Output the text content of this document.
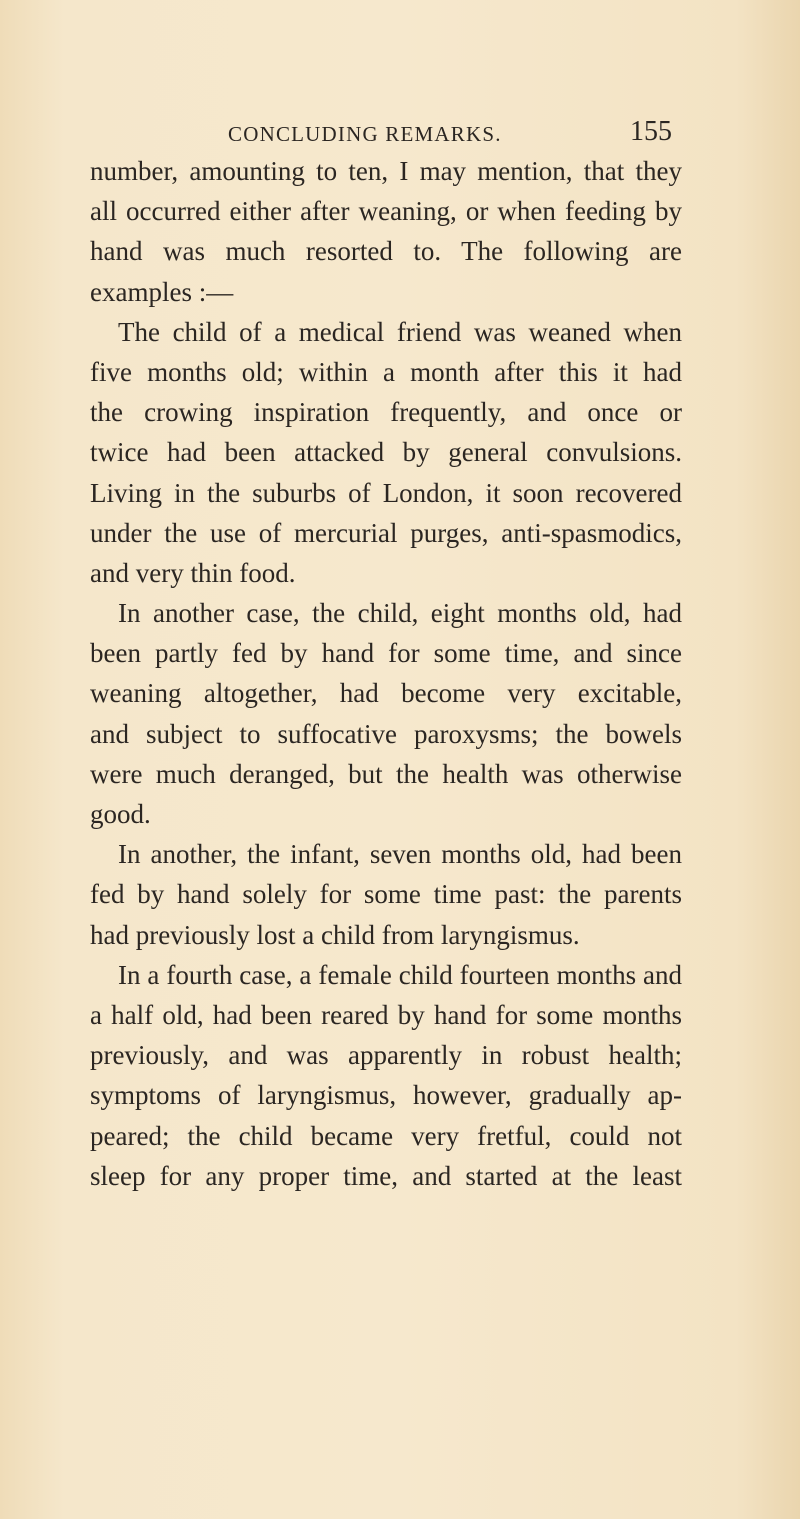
CONCLUDING REMARKS.	155
number, amounting to ten, I may mention, that they
all occurred either after weaning, or when feeding by
hand was much resorted to. The following are
examples :—
The child of a medical friend was weaned when
five months old; within a month after this it had
the crowing inspiration frequently, and once or
twice had been attacked by general convulsions.
Living in the suburbs of London, it soon recovered
under the use of mercurial purges, anti-spasmodics,
and very thin food.
In another case, the child, eight months old, had
been partly fed by hand for some time, and since
weaning altogether, had become very excitable,
and subject to suffocative paroxysms; the bowels
were much deranged, but the health was otherwise
good.
In another, the infant, seven months old, had been
fed by hand solely for some time past: the parents
had previously lost a child from laryngismus.
In a fourth case, a female child fourteen months and
a half old, had been reared by hand for some months
previously, and was apparently in robust health;
symptoms of laryngismus, however, gradually ap-
peared; the child became very fretful, could not
sleep for any proper time, and started at the least
